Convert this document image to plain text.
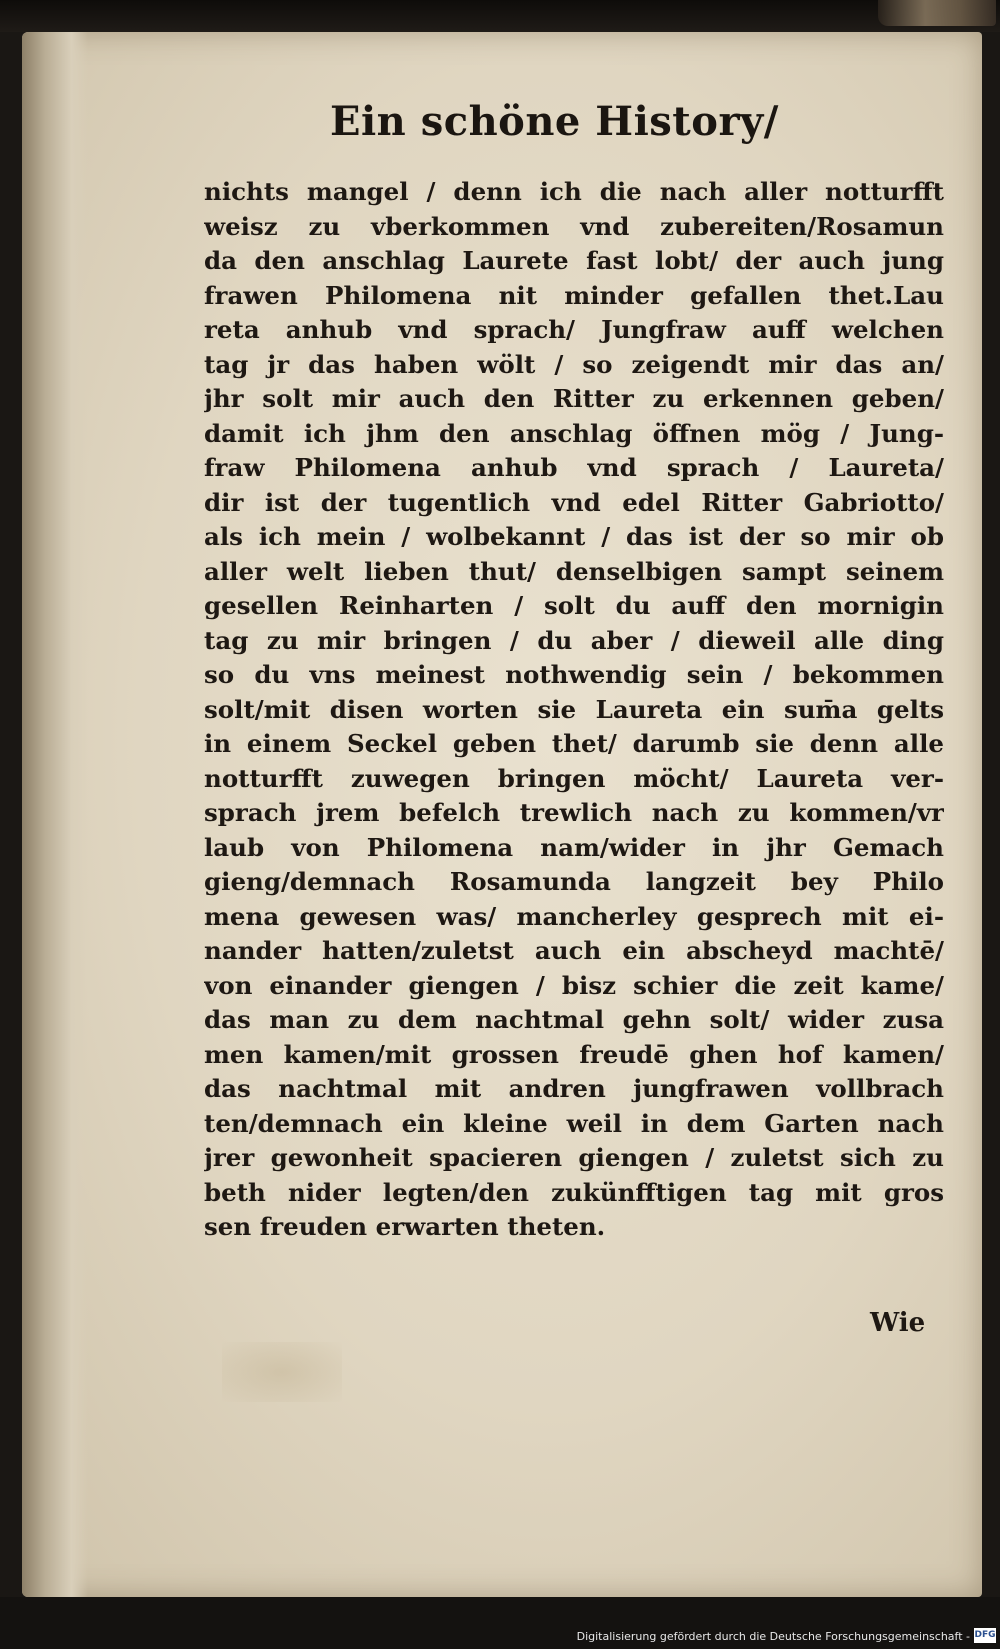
Ein schöne History/
nichts mangel / denn ich die nach aller notturfft
weisz zu vberkommen vnd zubereiten/Rosamun
da den anschlag Laurete fast lobt/ der auch jung
frawen Philomena nit minder gefallen thet.Lau
reta anhub vnd sprach/ Jungfraw auff welchen
tag jr das haben wölt / so zeigendt mir das an/
jhr solt mir auch den Ritter zu erkennen geben/
damit ich jhm den anschlag öffnen mög / Jung-
fraw Philomena anhub vnd sprach / Laureta/
dir ist der tugentlich vnd edel Ritter Gabriotto/
als ich mein / wolbekannt / das ist der so mir ob
aller welt lieben thut/ denselbigen sampt seinem
gesellen Reinharten / solt du auff den mornigin
tag zu mir bringen / du aber / dieweil alle ding
so du vns meinest nothwendig sein / bekommen
solt/mit disen worten sie Laureta ein sum̄a gelts
in einem Seckel geben thet/ darumb sie denn alle
notturfft zuwegen bringen möcht/ Laureta ver-
sprach jrem befelch trewlich nach zu kommen/vr
laub von Philomena nam/wider in jhr Gemach
gieng/demnach Rosamunda langzeit bey Philo
mena gewesen was/ mancherley gesprech mit ei-
nander hatten/zuletst auch ein abscheyd machtē/
von einander giengen / bisz schier die zeit kame/
das man zu dem nachtmal gehn solt/ wider zusa
men kamen/mit grossen freudē ghen hof kamen/
das nachtmal mit andren jungfrawen vollbrach
ten/demnach ein kleine weil in dem Garten nach
jrer gewonheit spacieren giengen / zuletst sich zu
beth nider legten/den zukünfftigen tag mit gros
sen freuden erwarten theten.
Wie
Digitalisierung gefördert durch die Deutsche Forschungsgemeinschaft - DFG
